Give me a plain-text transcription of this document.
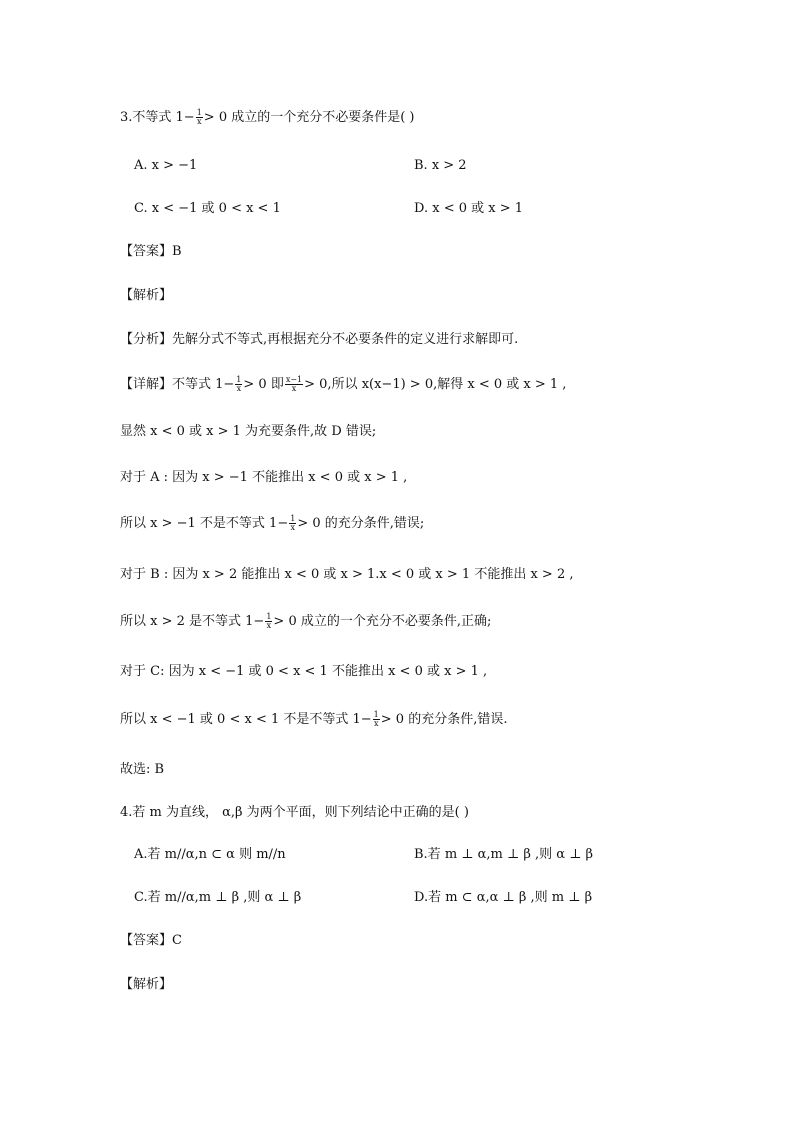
3.不等式 $1- \frac{1}{x} > 0$ 成立的一个充分不必要条件是( )
A. x > −1	B. x > 2
C. x < −1 或 0 < x < 1	D. x < 0 或 x > 1
【答案】B
【解析】
【分析】先解分式不等式,再根据充分不必要条件的定义进行求解即可.
【详解】不等式 $1- \frac{1}{x} > 0$ 即 $\frac{x-1}{x} > 0$,所以 x(x−1) > 0,解得 x < 0 或 x > 1 ,
显然 x < 0 或 x > 1 为充要条件,故 D 错误;
对于 A : 因为 x > −1 不能推出 x < 0 或 x > 1 ,
所以 x > −1 不是不等式 $1- \frac{1}{x} > 0$ 的充分条件,错误;
对于 B : 因为 x > 2 能推出 x < 0 或 x > 1.x < 0 或 x > 1 不能推出 x > 2 ,
所以 x > 2 是不等式 $1- \frac{1}{x} > 0$ 成立的一个充分不必要条件,正确;
对于 C: 因为 x < −1 或 0 < x < 1 不能推出 x < 0 或 x > 1 ,
所以 x < −1 或 0 < x < 1 不是不等式 $1- \frac{1}{x} > 0$ 的充分条件,错误.
故选: B
4.若 m 为直线， α,β 为两个平面，则下列结论中正确的是( )
A.若 m//α,n ⊂ α 则 m//n	B.若 m ⊥ α,m ⊥ β ,则 α ⊥ β
C.若 m//α,m ⊥ β ,则 α ⊥ β	D.若 m ⊂ α,α ⊥ β ,则 m ⊥ β
【答案】C
【解析】
